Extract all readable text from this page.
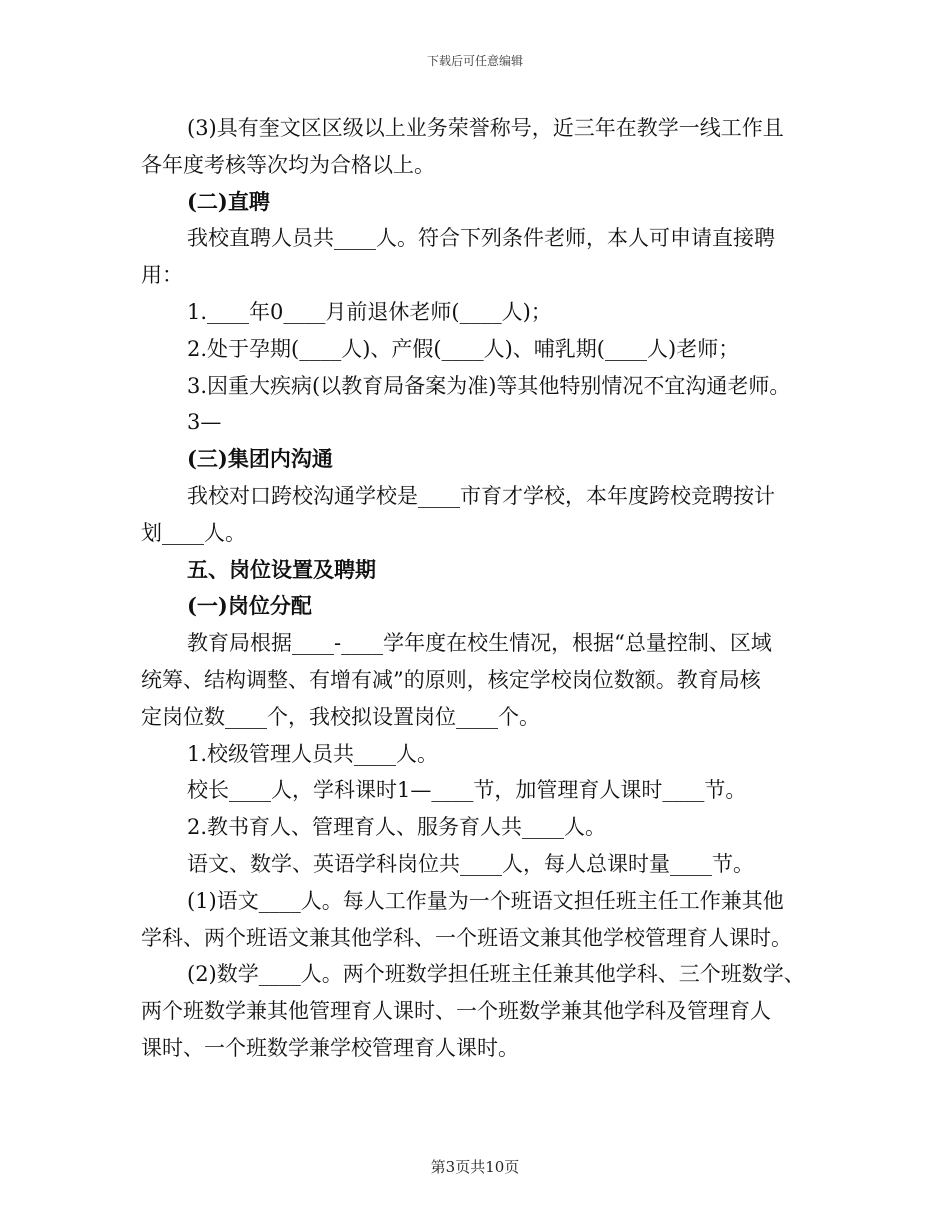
下载后可任意编辑

(3)具有奎文区区级以上业务荣誉称号，近三年在教学一线工作且

各年度考核等次均为合格以上。

(二)直聘

我校直聘人员共____人。符合下列条件老师，本人可申请直接聘

用：

1.____年0____月前退休老师(____人)；

2.处于孕期(____人)、产假(____人)、哺乳期(____人)老师；

3.因重大疾病(以教育局备案为准)等其他特别情况不宜沟通老师。

3—

(三)集团内沟通

我校对口跨校沟通学校是____市育才学校，本年度跨校竞聘按计

划____人。

五、岗位设置及聘期

(一)岗位分配

教育局根据____-____学年度在校生情况，根据“总量控制、区域

统筹、结构调整、有增有减”的原则，核定学校岗位数额。教育局核

定岗位数____个，我校拟设置岗位____个。

1.校级管理人员共____人。

校长____人，学科课时1—____节，加管理育人课时____节。

2.教书育人、管理育人、服务育人共____人。

语文、数学、英语学科岗位共____人，每人总课时量____节。

(1)语文____人。每人工作量为一个班语文担任班主任工作兼其他

学科、两个班语文兼其他学科、一个班语文兼其他学校管理育人课时。

(2)数学____人。两个班数学担任班主任兼其他学科、三个班数学、

两个班数学兼其他管理育人课时、一个班数学兼其他学科及管理育人

课时、一个班数学兼学校管理育人课时。

第3页共10页
